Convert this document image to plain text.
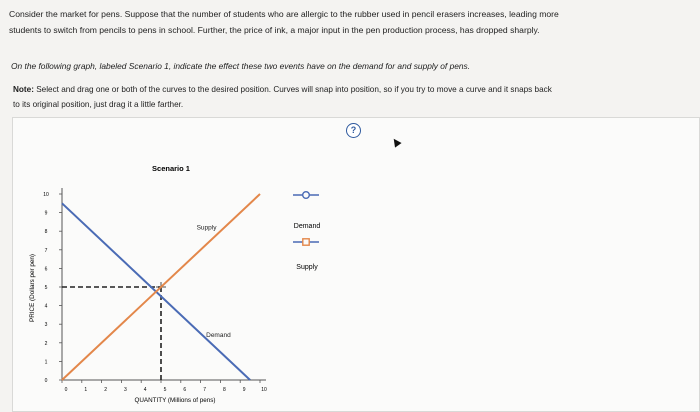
Consider the market for pens. Suppose that the number of students who are allergic to the rubber used in pencil erasers increases, leading more
students to switch from pencils to pens in school. Further, the price of ink, a major input in the pen production process, has dropped sharply.
On the following graph, labeled Scenario 1, indicate the effect these two events have on the demand for and supply of pens.
Note: Select and drag one or both of the curves to the desired position. Curves will snap into position, so if you try to move a curve and it snaps back
to its original position, just drag it a little farther.
?
Scenario 1
0	1	2	3	4	5	6	7	8	9	10
0
1
2
3
4
5
6
7
8
9
10
Demand
Supply
QUANTITY (Millions of pens)
PRICE (Dollars per pen)
Demand
Supply
